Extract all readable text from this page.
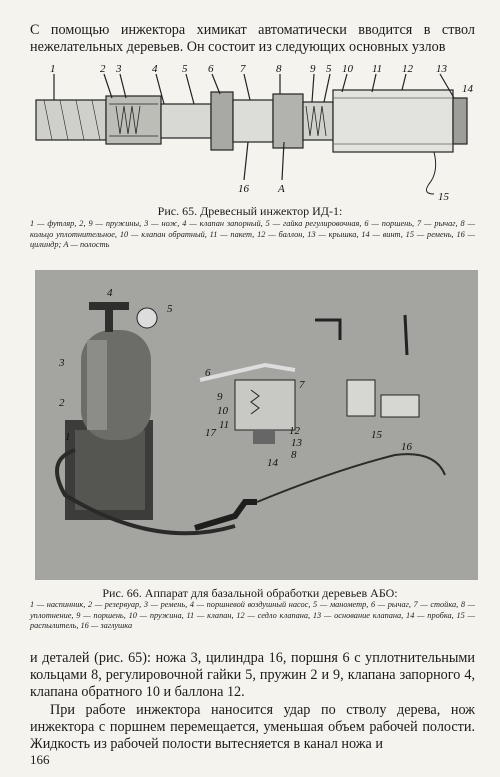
С помощью инжектора химикат автоматически вводится в ствол нежелательных деревьев. Он состоит из следующих основных узлов
1	2 3	4 5 6 7	8	9 5 10 11 12 13
14
16	А
15
Рис. 65. Древесный инжектор ИД-1:
1 — футляр, 2, 9 — пружины, 3 — нож, 4 — клапан запорный, 5 — гайка регулировочная, 6 — поршень, 7 — рычаг, 8 — кольцо уплотнительное, 10 — клапан обратный, 11 — пакет, 12 — баллон, 13 — крышка, 14 — винт, 15 — ремень, 16 — цилиндр; А — полость
4
5
3
2
1
6
9
10
7
11
17	12
13
8
14
15
16
Рис. 66. Аппарат для базальной обработки деревьев АБО:
1 — наспинник, 2 — резервуар, 3 — ремень, 4 — поршневой воздушный насос, 5 — манометр, 6 — рычаг, 7 — стойка, 8 — уплотнение, 9 — поршень, 10 — пружина, 11 — клапан, 12 — седло клапана, 13 — основание клапана, 14 — пробка, 15 — распылитель, 16 — заглушка
и деталей (рис. 65): ножа 3, цилиндра 16, поршня 6 с уплотнительными кольцами 8, регулировочной гайки 5, пружин 2 и 9, клапана запорного 4, клапана обратного 10 и баллона 12.
При работе инжектора наносится удар по стволу дерева, нож инжектора с поршнем перемещается, уменьшая объем рабочей полости. Жидкость из рабочей полости вытесняется в канал ножа и
166
